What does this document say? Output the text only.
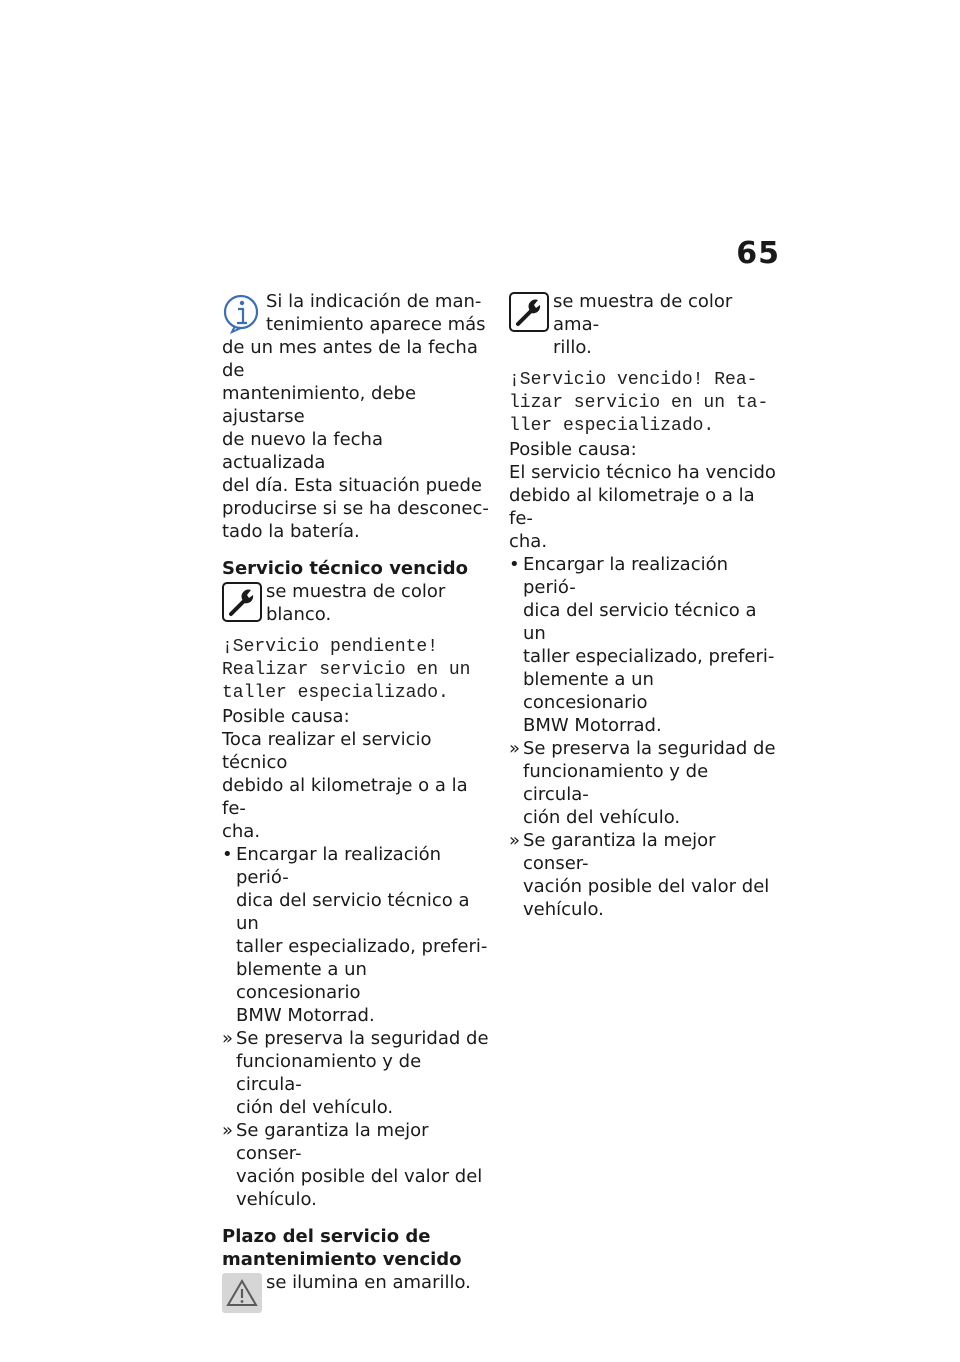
65

Si la indicación de man-

tenimiento aparece más

de un mes antes de la fecha de

mantenimiento, debe ajustarse

de nuevo la fecha actualizada

del día. Esta situación puede

producirse si se ha desconec-

tado la batería.

Servicio técnico vencido

se muestra de color

blanco.

¡Servicio pendiente!

Realizar servicio en un

taller especializado.

Posible causa:

Toca realizar el servicio técnico

debido al kilometraje o a la fe-

cha.

• Encargar la realización perió-
dica del servicio técnico a un
taller especializado, preferi-
blemente a un concesionario
BMW Motorrad.
» Se preserva la seguridad de
funcionamiento y de circula-
ción del vehículo.
» Se garantiza la mejor conser-
vación posible del valor del
vehículo.

Plazo del servicio de

mantenimiento vencido

se ilumina en amarillo.

se muestra de color ama-

rillo.

¡Servicio vencido! Rea-

lizar servicio en un ta-

ller especializado.

Posible causa:

El servicio técnico ha vencido

debido al kilometraje o a la fe-

cha.

• Encargar la realización perió-
dica del servicio técnico a un
taller especializado, preferi-
blemente a un concesionario
BMW Motorrad.
» Se preserva la seguridad de
funcionamiento y de circula-
ción del vehículo.
» Se garantiza la mejor conser-
vación posible del valor del
vehículo.
